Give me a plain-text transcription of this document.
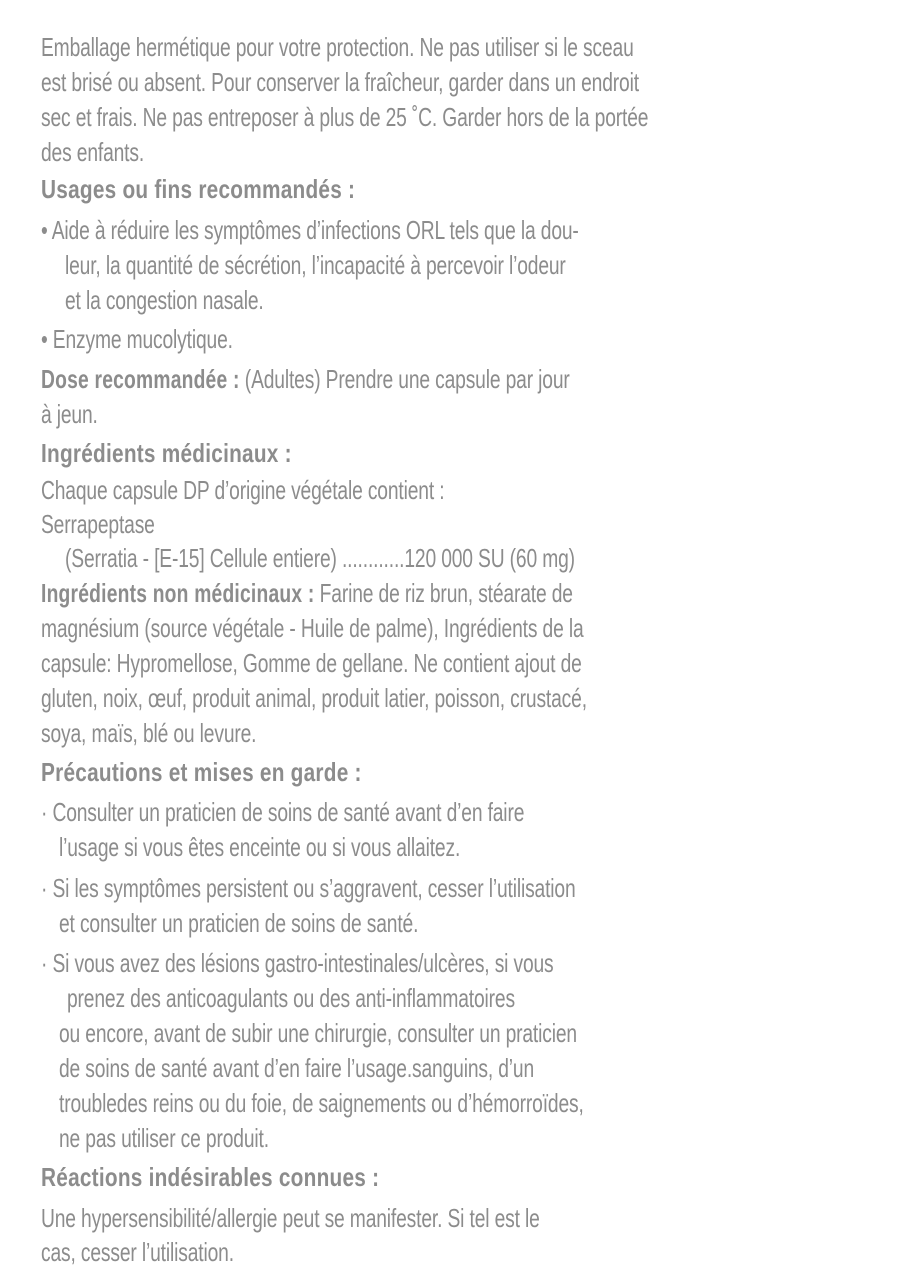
Emballage hermétique pour votre protection. Ne pas utiliser si le sceau
est brisé ou absent. Pour conserver la fraîcheur, garder dans un endroit
sec et frais. Ne pas entreposer à plus de 25 ˚C. Garder hors de la portée
des enfants.
Usages ou fins recommandés :
• Aide à réduire les symptômes d’infections ORL tels que la dou-
leur, la quantité de sécrétion, l’incapacité à percevoir l’odeur
et la congestion nasale.
• Enzyme mucolytique.
Dose recommandée : (Adultes) Prendre une capsule par jour
à jeun.
Ingrédients médicinaux :
Chaque capsule DP d’origine végétale contient :
Serrapeptase
(Serratia - [E-15] Cellule entiere) ............120 000 SU (60 mg)
Ingrédients non médicinaux : Farine de riz brun, stéarate de
magnésium (source végétale - Huile de palme), Ingrédients de la
capsule: Hypromellose, Gomme de gellane. Ne contient ajout de
gluten, noix, œuf, produit animal, produit latier, poisson, crustacé,
soya, maïs, blé ou levure.
Précautions et mises en garde :
· Consulter un praticien de soins de santé avant d’en faire
l’usage si vous êtes enceinte ou si vous allaitez.
· Si les symptômes persistent ou s’aggravent, cesser l’utilisation
et consulter un praticien de soins de santé.
· Si vous avez des lésions gastro-intestinales/ulcères, si vous
prenez des anticoagulants ou des anti-inflammatoires
ou encore, avant de subir une chirurgie, consulter un praticien
de soins de santé avant d’en faire l’usage.sanguins, d’un
troubledes reins ou du foie, de saignements ou d’hémorroïdes,
ne pas utiliser ce produit.
Réactions indésirables connues :
Une hypersensibilité/allergie peut se manifester. Si tel est le
cas, cesser l’utilisation.
